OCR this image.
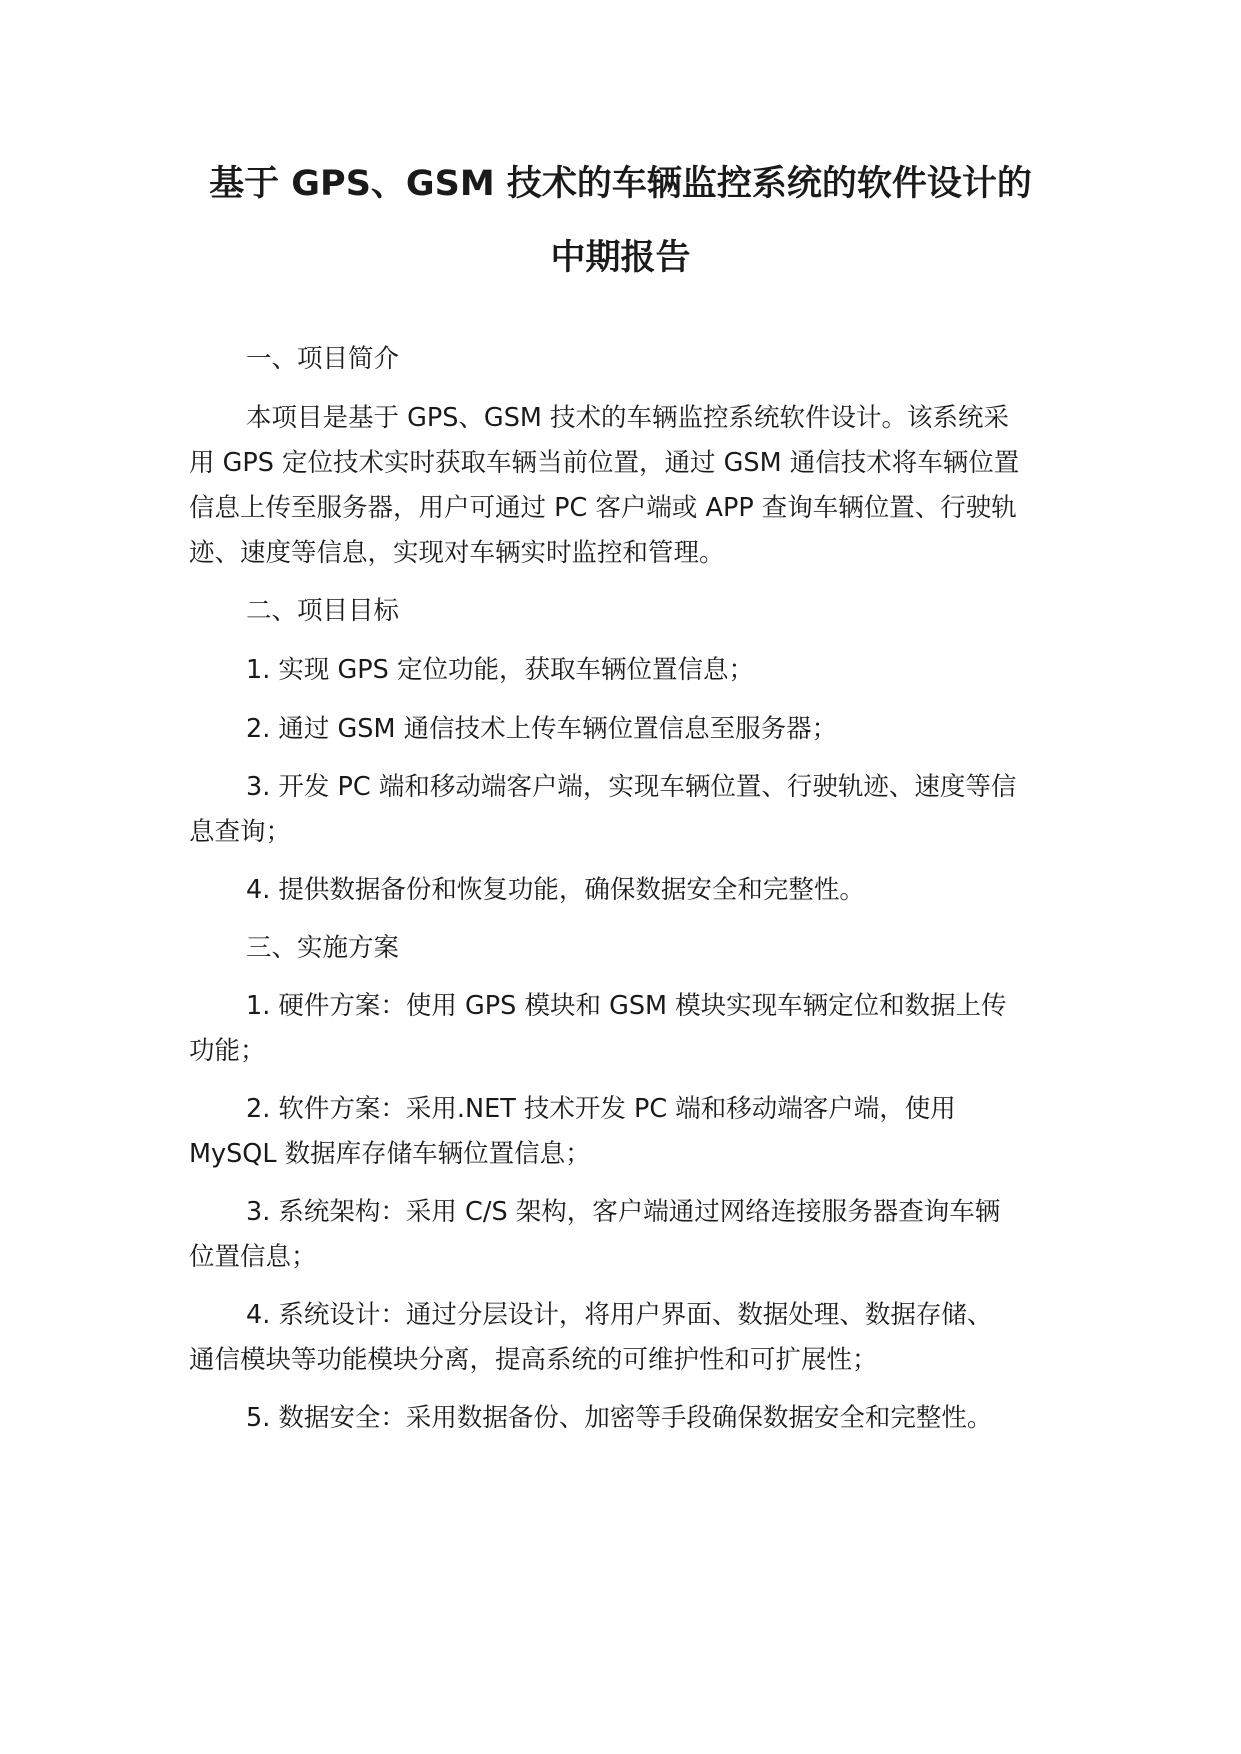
基于 GPS、GSM 技术的车辆监控系统的软件设计的
中期报告
一、项目简介
本项目是基于 GPS、GSM 技术的车辆监控系统软件设计。该系统采
用 GPS 定位技术实时获取车辆当前位置，通过 GSM 通信技术将车辆位置
信息上传至服务器，用户可通过 PC 客户端或 APP 查询车辆位置、行驶轨
迹、速度等信息，实现对车辆实时监控和管理。
二、项目目标
1. 实现 GPS 定位功能，获取车辆位置信息；
2. 通过 GSM 通信技术上传车辆位置信息至服务器；
3. 开发 PC 端和移动端客户端，实现车辆位置、行驶轨迹、速度等信
息查询；
4. 提供数据备份和恢复功能，确保数据安全和完整性。
三、实施方案
1. 硬件方案：使用 GPS 模块和 GSM 模块实现车辆定位和数据上传
功能；
2. 软件方案：采用.NET 技术开发 PC 端和移动端客户端，使用
MySQL 数据库存储车辆位置信息；
3. 系统架构：采用 C/S 架构，客户端通过网络连接服务器查询车辆
位置信息；
4. 系统设计：通过分层设计，将用户界面、数据处理、数据存储、
通信模块等功能模块分离，提高系统的可维护性和可扩展性；
5. 数据安全：采用数据备份、加密等手段确保数据安全和完整性。
